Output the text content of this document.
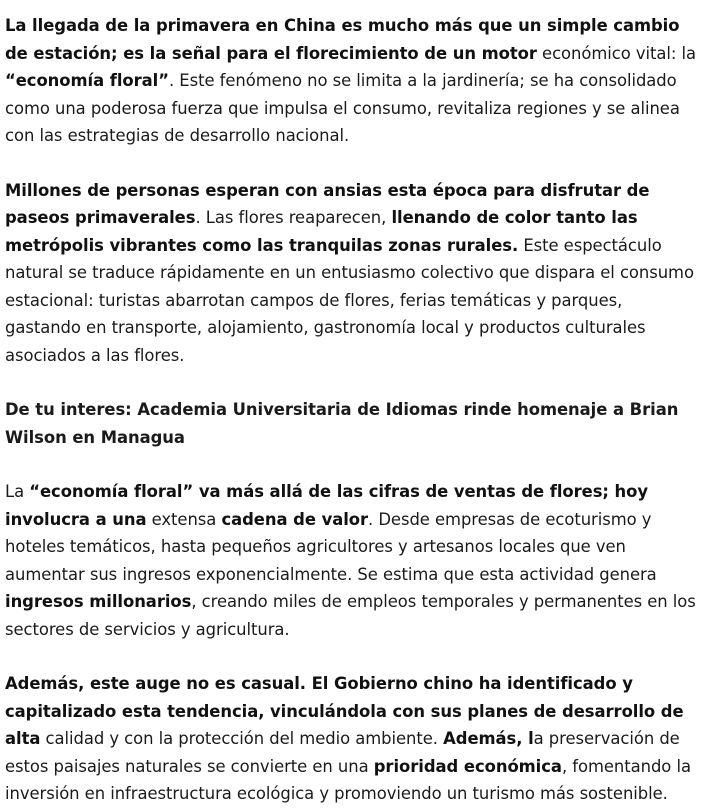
La llegada de la primavera en China es mucho más que un simple cambio de estación; es la señal para el florecimiento de un motor económico vital: la “economía floral”. Este fenómeno no se limita a la jardinería; se ha consolidado como una poderosa fuerza que impulsa el consumo, revitaliza regiones y se alinea con las estrategias de desarrollo nacional.

Millones de personas esperan con ansias esta época para disfrutar de paseos primaverales. Las flores reaparecen, llenando de color tanto las metrópolis vibrantes como las tranquilas zonas rurales. Este espectáculo natural se traduce rápidamente en un entusiasmo colectivo que dispara el consumo estacional: turistas abarrotan campos de flores, ferias temáticas y parques, gastando en transporte, alojamiento, gastronomía local y productos culturales asociados a las flores.

De tu interes: Academia Universitaria de Idiomas rinde homenaje a Brian Wilson en Managua

La “economía floral” va más allá de las cifras de ventas de flores; hoy involucra a una extensa cadena de valor. Desde empresas de ecoturismo y hoteles temáticos, hasta pequeños agricultores y artesanos locales que ven aumentar sus ingresos exponencialmente. Se estima que esta actividad genera ingresos millonarios, creando miles de empleos temporales y permanentes en los sectores de servicios y agricultura.

Además, este auge no es casual. El Gobierno chino ha identificado y capitalizado esta tendencia, vinculándola con sus planes de desarrollo de alta calidad y con la protección del medio ambiente. Además, la preservación de estos paisajes naturales se convierte en una prioridad económica, fomentando la inversión en infraestructura ecológica y promoviendo un turismo más sostenible.
